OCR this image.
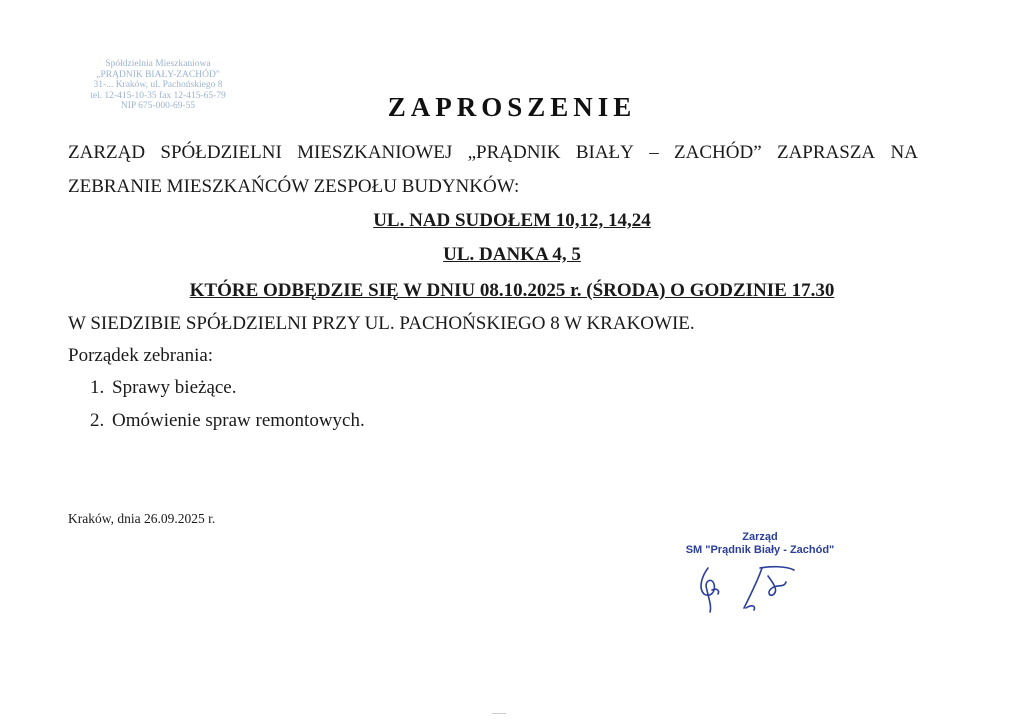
Spółdzielnia Mieszkaniowa
„PRĄDNIK BIAŁY-ZACHÓD"
31-... Kraków, ul. Pachońskiego 8
tel. 12-415-10-35 fax 12-415-65-79
NIP 675-000-69-55	ZAPROSZENIE
ZARZĄD SPÓŁDZIELNI MIESZKANIOWEJ „PRĄDNIK BIAŁY – ZACHÓD” ZAPRASZA NA
ZEBRANIE MIESZKAŃCÓW ZESPOŁU BUDYNKÓW:
UL. NAD SUDOŁEM 10,12, 14,24
UL. DANKA 4, 5
KTÓRE ODBĘDZIE SIĘ W DNIU 08.10.2025 r. (ŚRODA) O GODZINIE 17.30
W SIEDZIBIE SPÓŁDZIELNI PRZY UL. PACHOŃSKIEGO 8 W KRAKOWIE.
Porządek zebrania:
1. Sprawy bieżące.
2. Omówienie spraw remontowych.
Kraków, dnia 26.09.2025 r.
Zarząd
SM "Prądnik Biały - Zachód"
